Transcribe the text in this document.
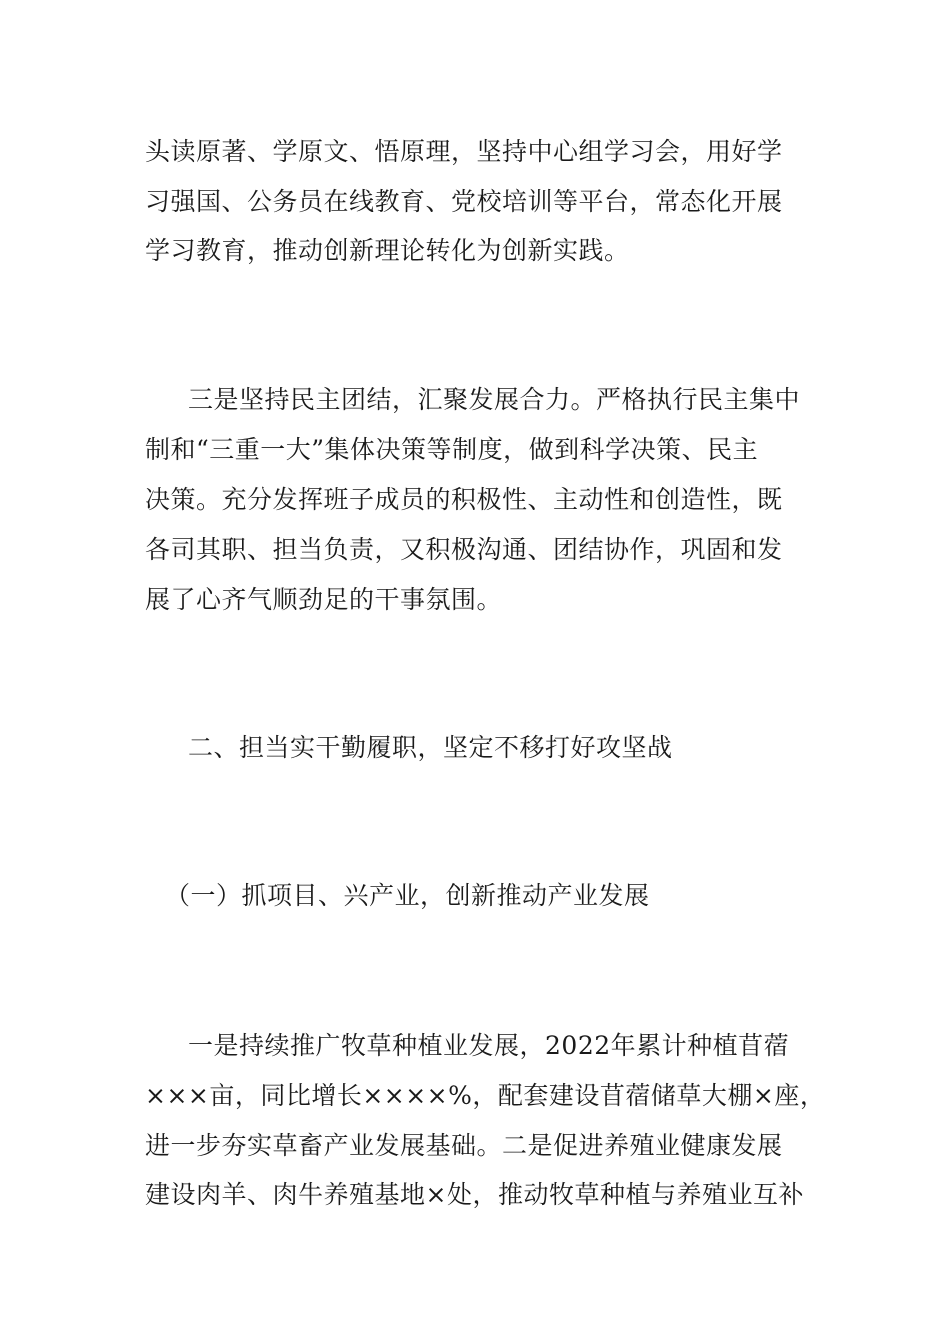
头读原著、学原文、悟原理，坚持中心组学习会，用好学
习强国、公务员在线教育、党校培训等平台，常态化开展
学习教育，推动创新理论转化为创新实践。
三是坚持民主团结，汇聚发展合力。严格执行民主集中
制和“三重一大”集体决策等制度，做到科学决策、民主
决策。充分发挥班子成员的积极性、主动性和创造性，既
各司其职、担当负责，又积极沟通、团结协作，巩固和发
展了心齐气顺劲足的干事氛围。
二、担当实干勤履职，坚定不移打好攻坚战
（一）抓项目、兴产业，创新推动产业发展
一是持续推广牧草种植业发展，2022年累计种植苜蓿
×××亩，同比增长××××%，配套建设苜蓿储草大棚×座，
进一步夯实草畜产业发展基础。二是促进养殖业健康发展
建设肉羊、肉牛养殖基地×处，推动牧草种植与养殖业互补
